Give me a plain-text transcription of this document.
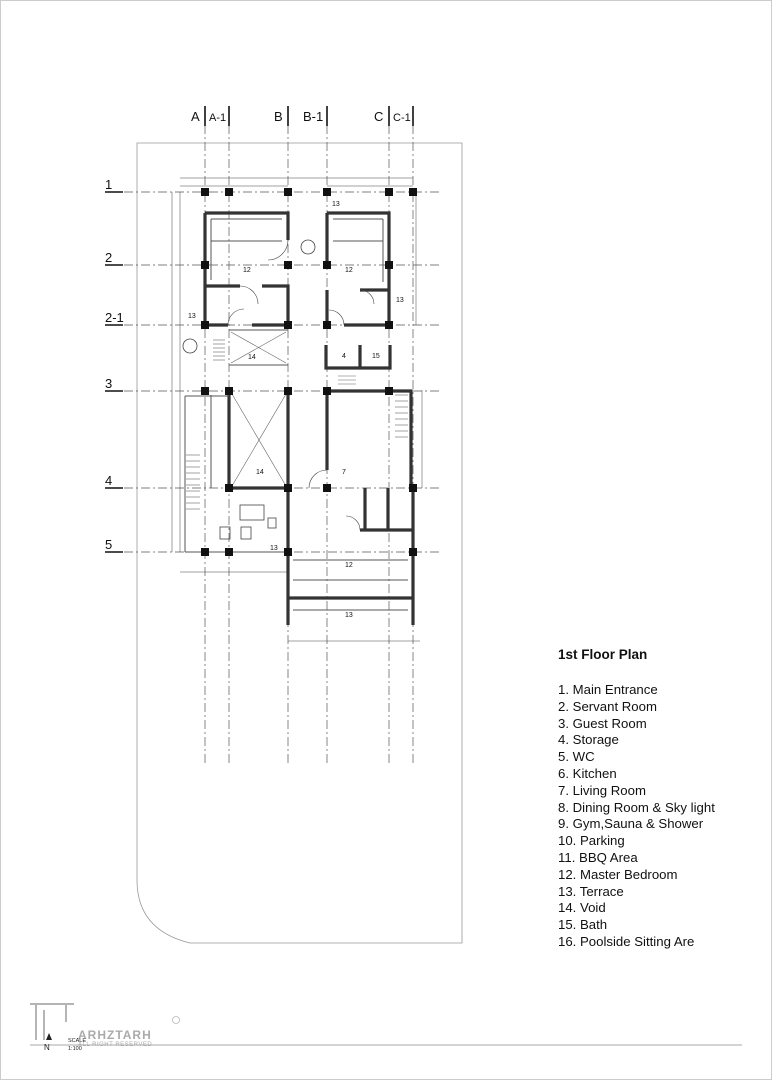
A A-1	B B-1	C C-1
1
2
2-1
3
4
5
13
12	12
13
13
14	4	15
14	7
13
12
13
13
ARHZTARH
ALL RIGHT RESERVED
SCALE
1:100
N
1st Floor Plan
1. Main Entrance
2. Servant Room
3. Guest Room
4. Storage
5. WC
6. Kitchen
7. Living Room
8. Dining Room & Sky light
9. Gym,Sauna & Shower
10. Parking
11. BBQ Area
12. Master Bedroom
13. Terrace
14. Void
15. Bath
16. Poolside Sitting Are
